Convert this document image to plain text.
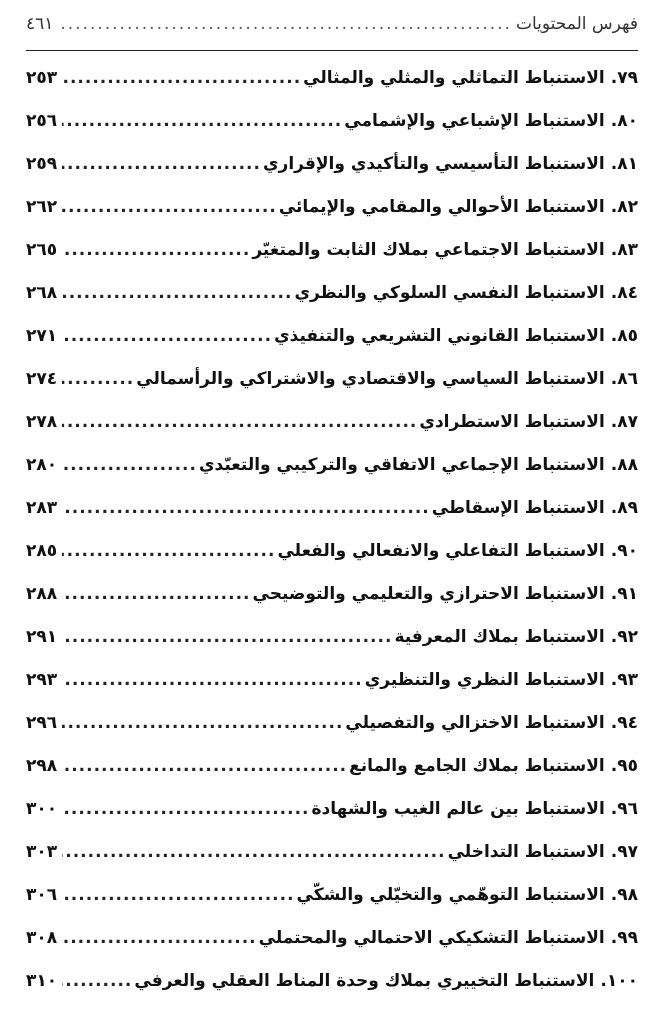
فهرس المحتويات
.....
٤٦١
٧٩.
الاستنباط التماثلي والمثلي والمثالي
.....
٢٥٣
٨٠.
الاستنباط الإشباعي والإشمامي
.....
٢٥٦
٨١.
الاستنباط التأسيسي والتأكيدي والإقراري
.....
٢٥٩
٨٢.
الاستنباط الأحوالي والمقامي والإيمائي
.....
٢٦٢
٨٣.
الاستنباط الاجتماعي بملاك الثابت والمتغيّر
.....
٢٦٥
٨٤.
الاستنباط النفسي السلوكي والنظري
.....
٢٦٨
٨٥.
الاستنباط القانوني التشريعي والتنفيذي
.....
٢٧١
٨٦.
الاستنباط السياسي والاقتصادي والاشتراكي والرأسمالي
.....
٢٧٤
٨٧.
الاستنباط الاستطرادي
.....
٢٧٨
٨٨.
الاستنباط الإجماعي الاتفاقي والتركيبي والتعبّدي
.....
٢٨٠
٨٩.
الاستنباط الإسقاطي
.....
٢٨٣
٩٠.
الاستنباط التفاعلي والانفعالي والفعلي
.....
٢٨٥
٩١.
الاستنباط الاحترازي والتعليمي والتوضيحي
.....
٢٨٨
٩٢.
الاستنباط بملاك المعرفية
.....
٢٩١
٩٣.
الاستنباط النظري والتنظيري
.....
٢٩٣
٩٤.
الاستنباط الاختزالي والتفصيلي
.....
٢٩٦
٩٥.
الاستنباط بملاك الجامع والمانع
.....
٢٩٨
٩٦.
الاستنباط بين عالم الغيب والشهادة
.....
٣٠٠
٩٧.
الاستنباط التداخلي
.....
٣٠٣
٩٨.
الاستنباط التوهّمي والتخيّلي والشكّي
.....
٣٠٦
٩٩.
الاستنباط التشكيكي الاحتمالي والمحتملي
.....
٣٠٨
١٠٠.
الاستنباط التخييري بملاك وحدة المناط العقلي والعرفي
.....
٣١٠
